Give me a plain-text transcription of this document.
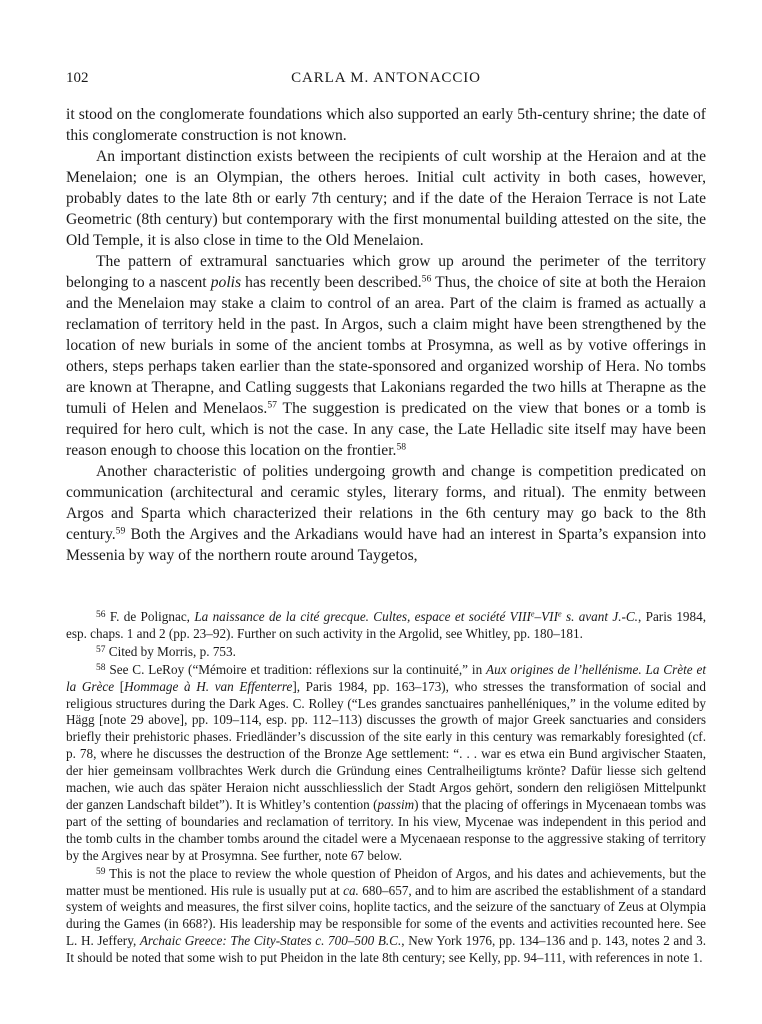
102	CARLA M. ANTONACCIO

it stood on the conglomerate foundations which also supported an early 5th-century shrine; the date of this conglomerate construction is not known.

An important distinction exists between the recipients of cult worship at the Heraion and at the Menelaion; one is an Olympian, the others heroes. Initial cult activity in both cases, however, probably dates to the late 8th or early 7th century; and if the date of the Heraion Terrace is not Late Geometric (8th century) but contemporary with the first monumental building attested on the site, the Old Temple, it is also close in time to the Old Menelaion.

The pattern of extramural sanctuaries which grow up around the perimeter of the territory belonging to a nascent polis has recently been described.$^{56}$ Thus, the choice of site at both the Heraion and the Menelaion may stake a claim to control of an area. Part of the claim is framed as actually a reclamation of territory held in the past. In Argos, such a claim might have been strengthened by the location of new burials in some of the ancient tombs at Prosymna, as well as by votive offerings in others, steps perhaps taken earlier than the state-sponsored and organized worship of Hera. No tombs are known at Therapne, and Catling suggests that Lakonians regarded the two hills at Therapne as the tumuli of Helen and Menelaos.$^{57}$ The suggestion is predicated on the view that bones or a tomb is required for hero cult, which is not the case. In any case, the Late Helladic site itself may have been reason enough to choose this location on the frontier.$^{58}$

Another characteristic of polities undergoing growth and change is competition predicated on communication (architectural and ceramic styles, literary forms, and ritual). The enmity between Argos and Sparta which characterized their relations in the 6th century may go back to the 8th century.$^{59}$ Both the Argives and the Arkadians would have had an interest in Sparta’s expansion into Messenia by way of the northern route around Taygetos,

$^{56}$ F. de Polignac, La naissance de la cité grecque. Cultes, espace et société VIIIe–VIIe s. avant J.-C., Paris 1984, esp. chaps. 1 and 2 (pp. 23–92). Further on such activity in the Argolid, see Whitley, pp. 180–181.

$^{57}$ Cited by Morris, p. 753.

$^{58}$ See C. LeRoy (“Mémoire et tradition: réflexions sur la continuité,” in Aux origines de l’hellénisme. La Crète et la Grèce [Hommage à H. van Effenterre], Paris 1984, pp. 163–173), who stresses the transformation of social and religious structures during the Dark Ages. C. Rolley (“Les grandes sanctuaires panhelléniques,” in the volume edited by Hägg [note 29 above], pp. 109–114, esp. pp. 112–113) discusses the growth of major Greek sanctuaries and considers briefly their prehistoric phases. Friedländer’s discussion of the site early in this century was remarkably foresighted (cf. p. 78, where he discusses the destruction of the Bronze Age settlement: “. . . war es etwa ein Bund argivischer Staaten, der hier gemeinsam vollbrachtes Werk durch die Gründung eines Centralheiligtums krönte? Dafür liesse sich geltend machen, wie auch das später Heraion nicht ausschliesslich der Stadt Argos gehört, sondern den religiösen Mittelpunkt der ganzen Landschaft bildet”). It is Whitley’s contention (passim) that the placing of offerings in Mycenaean tombs was part of the setting of boundaries and reclamation of territory. In his view, Mycenae was independent in this period and the tomb cults in the chamber tombs around the citadel were a Mycenaean response to the aggressive staking of territory by the Argives near by at Prosymna. See further, note 67 below.

$^{59}$ This is not the place to review the whole question of Pheidon of Argos, and his dates and achievements, but the matter must be mentioned. His rule is usually put at ca. 680–657, and to him are ascribed the establishment of a standard system of weights and measures, the first silver coins, hoplite tactics, and the seizure of the sanctuary of Zeus at Olympia during the Games (in 668?). His leadership may be responsible for some of the events and activities recounted here. See L. H. Jeffery, Archaic Greece: The City-States c. 700–500 B.C., New York 1976, pp. 134–136 and p. 143, notes 2 and 3. It should be noted that some wish to put Pheidon in the late 8th century; see Kelly, pp. 94–111, with references in note 1.
